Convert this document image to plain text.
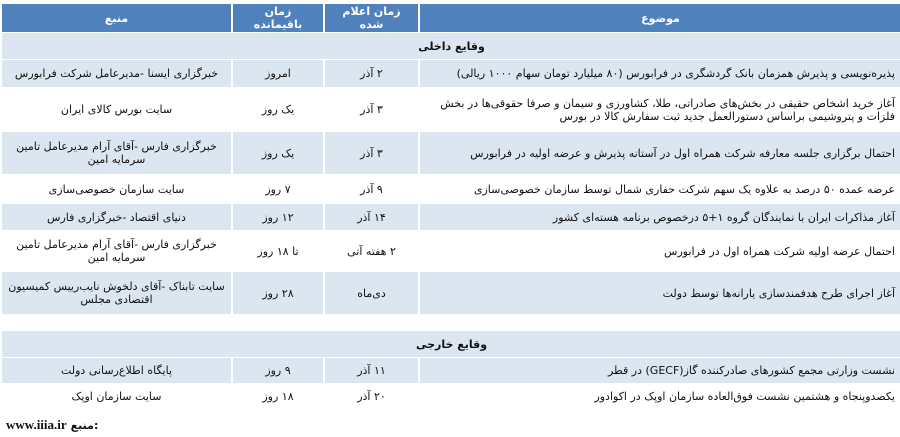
موضوع	زمان اعلام شده	زمان باقیمانده	منبع
وقایع داخلی			
پذیره‌نویسی و پذیرش همزمان بانک گردشگری در فرابورس (۸۰ میلیارد تومان سهام ۱۰۰۰ ریالی)	۲ آذر	امروز	خبرگزاری ایسنا -مدیرعامل شرکت فرابورس
آغاز خرید اشخاص حقیقی در بخش‌های صادراتی، طلا، کشاورزی و سیمان و صرفا حقوقی‌ها در بخش فلزات و پتروشیمی براساس دستورالعمل جدید ثبت سفارش کالا در بورس	۳ آذر	یک روز	سایت بورس کالای ایران
احتمال برگزاری جلسه معارفه شرکت همراه اول در آستانه پذیرش و عرضه اولیه در فرابورس	۳ آذر	یک روز	خبرگزاری فارس -آقای آرام مدیرعامل تامین سرمایه امین
عرضه عمده ۵۰ درصد به علاوه یک سهم شرکت حفاری شمال توسط سازمان خصوصی‌سازی	۹ آذر	۷ روز	سایت سازمان خصوصی‌سازی
آغاز مذاکرات ایران با نمایندگان گروه ۱+۵ درخصوص برنامه هسته‌ای کشور	۱۴ آذر	۱۲ روز	دنیای اقتصاد -خبرگزاری فارس
احتمال عرضه اولیه شرکت همراه اول در فرابورس	۲ هفته آتی	تا ۱۸ روز	خبرگزاری فارس -آقای آرام مدیرعامل تامین سرمایه امین
آغاز اجرای طرح هدفمندسازی یارانه‌ها توسط دولت	دی‌ماه	۲۸ روز	سایت تابناک -آقای دلخوش نایب‌رییس کمیسیون اقتصادی مجلس

وقایع خارجی			
نشست وزارتی مجمع کشورهای صادرکننده گاز(GECF) در قطر	۱۱ آذر	۹ روز	پایگاه اطلاع‌رسانی دولت
یکصدوپنجاه و هشتمین نشست فوق‌العاده سازمان اوپک در اکوادور	۲۰ آذر	۱۸ روز	سایت سازمان اوپک
www.iiia.ir منبع:
